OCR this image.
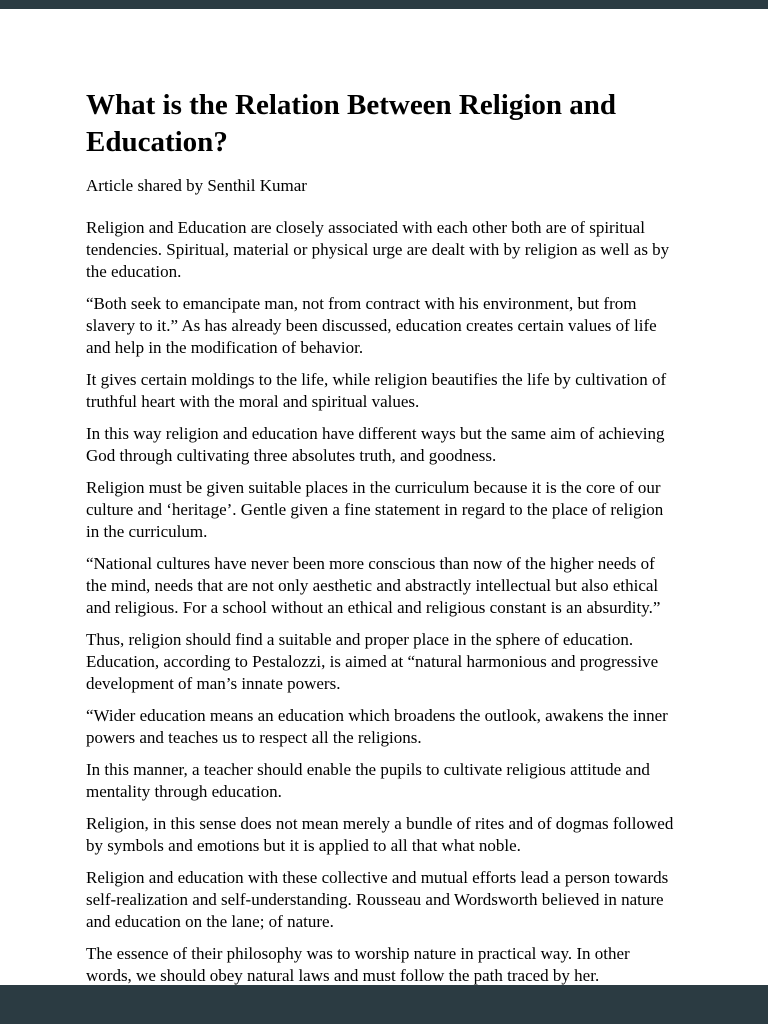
What is the Relation Between Religion and Education?

Article shared by Senthil Kumar

Religion and Education are closely associated with each other both are of spiritual tendencies. Spiritual, material or physical urge are dealt with by religion as well as by the education.

“Both seek to emancipate man, not from contract with his environment, but from slavery to it.” As has already been discussed, education creates certain values of life and help in the modification of behavior.

It gives certain moldings to the life, while religion beautifies the life by cultivation of truthful heart with the moral and spiritual values.

In this way religion and education have different ways but the same aim of achieving God through cultivating three absolutes truth, and goodness.

Religion must be given suitable places in the curriculum because it is the core of our culture and ‘heritage’. Gentle given a fine statement in regard to the place of religion in the curriculum.

“National cultures have never been more conscious than now of the higher needs of the mind, needs that are not only aesthetic and abstractly intellectual but also ethical and religious. For a school without an ethical and religious constant is an absurdity.”

Thus, religion should find a suitable and proper place in the sphere of education. Education, according to Pestalozzi, is aimed at “natural harmonious and progressive development of man’s innate powers.

“Wider education means an education which broadens the outlook, awakens the inner powers and teaches us to respect all the religions.

In this manner, a teacher should enable the pupils to cultivate religious attitude and mentality through education.

Religion, in this sense does not mean merely a bundle of rites and of dogmas followed by symbols and emotions but it is applied to all that what noble.

Religion and education with these collective and mutual efforts lead a person towards self-realization and self-understanding. Rousseau and Wordsworth believed in nature and education on the lane; of nature.

The essence of their philosophy was to worship nature in practical way. In other words, we should obey natural laws and must follow the path traced by her.
